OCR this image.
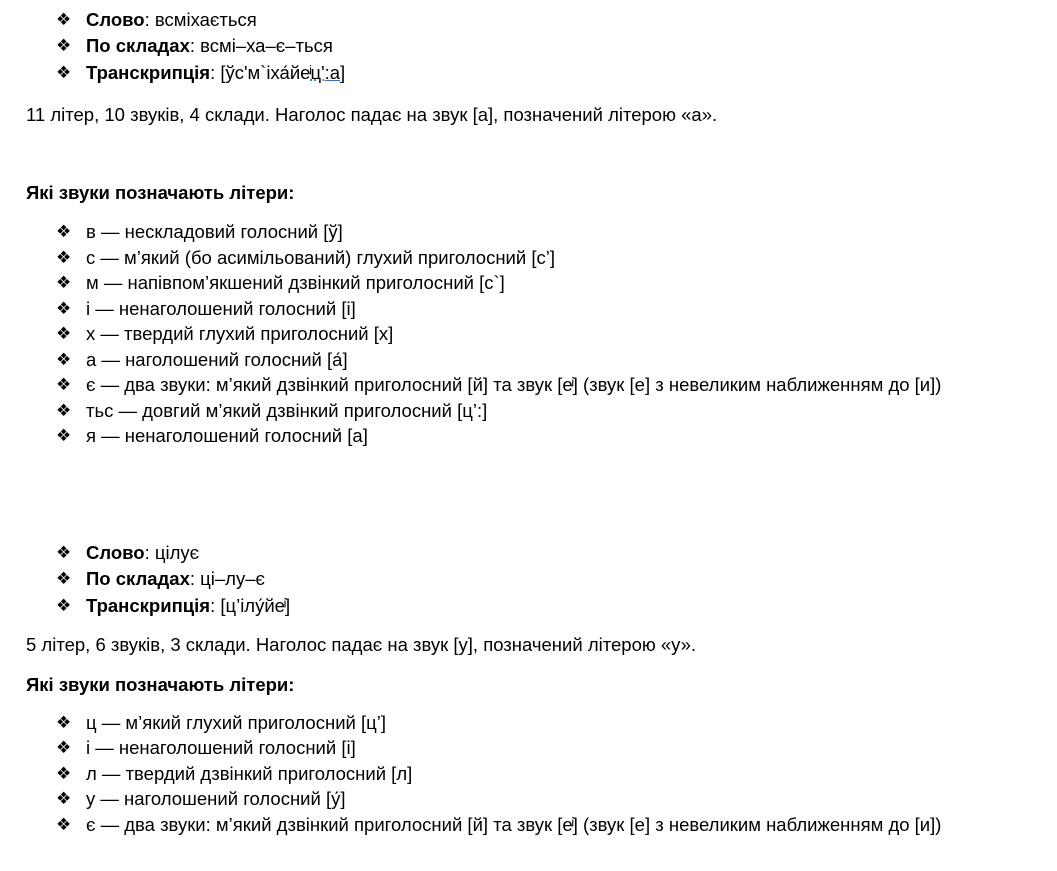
❖ Слово: всміхається
❖ По складах: всмі–ха–є–ться
❖ Транскрипція: [ўс'м`іха́йеͥц':а]
11 літер, 10 звуків, 4 склади. Наголос падає на звук [а], позначений літерою «а».
Які звуки позначають літери:
❖ в — нескладовий голосний [ў]
❖ с — м’який (бо асимільований) глухий приголосний [с’]
❖ м — напівпом’якшений дзвінкий приголосний [с`]
❖ і — ненаголошений голосний [і]
❖ х — твердий глухий приголосний [х]
❖ а — наголошений голосний [а́]
❖ є — два звуки: м’який дзвінкий приголосний [й] та звук [еͥ] (звук [е] з невеликим наближенням до [и])
❖ тьс — довгий м’який дзвінкий приголосний [ц’:]
❖ я — ненаголошений голосний [а]
❖ Слово: цілує
❖ По складах: ці–лу–є
❖ Транскрипція: [ц’ілу́йеͥ]
5 літер, 6 звуків, 3 склади. Наголос падає на звук [у], позначений літерою «у».
Які звуки позначають літери:
❖ ц — м’який глухий приголосний [ц’]
❖ і — ненаголошений голосний [і]
❖ л — твердий дзвінкий приголосний [л]
❖ у — наголошений голосний [у́]
❖ є — два звуки: м’який дзвінкий приголосний [й] та звук [еͥ] (звук [е] з невеликим наближенням до [и])
